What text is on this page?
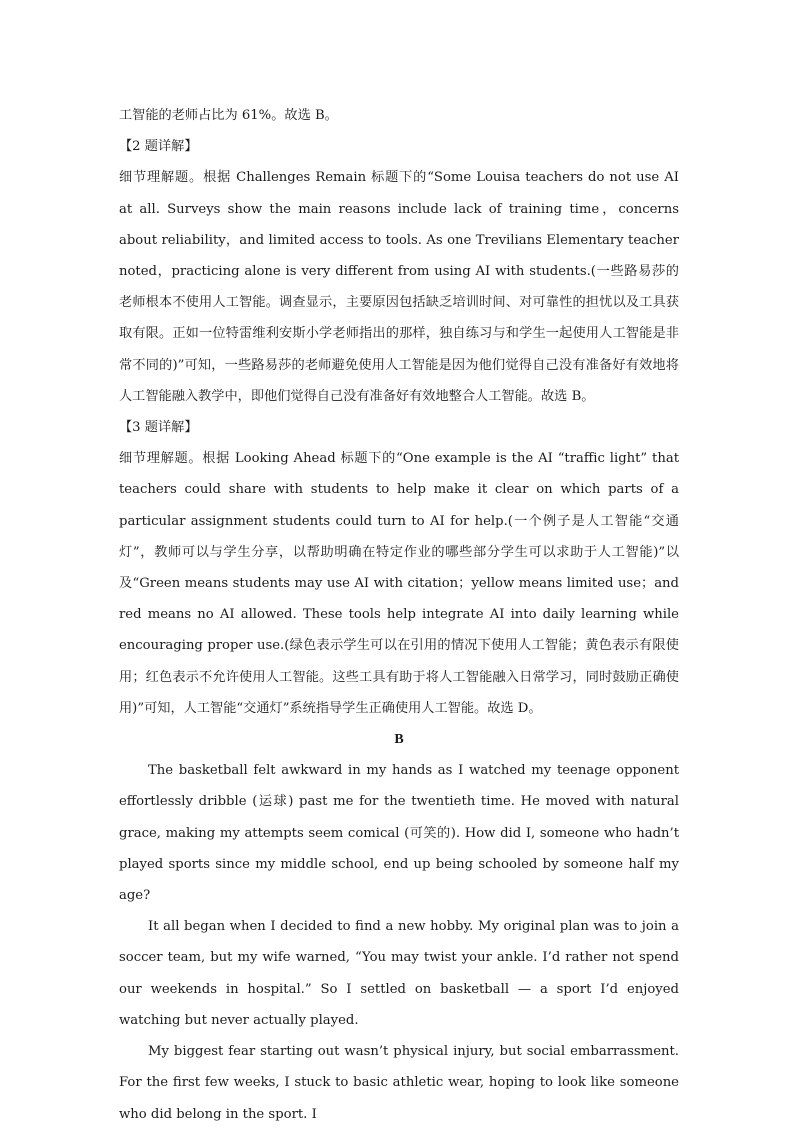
工智能的老师占比为 61%。故选 B。

【2 题详解】

细节理解题。根据 Challenges Remain 标题下的“Some Louisa teachers do not use AI at all. Surveys show the main reasons include lack of training time，concerns about reliability，and limited access to tools. As one Trevilians Elementary teacher noted，practicing alone is very different from using AI with students.(一些路易莎的老师根本不使用人工智能。调查显示，主要原因包括缺乏培训时间、对可靠性的担忧以及工具获取有限。正如一位特雷维利安斯小学老师指出的那样，独自练习与和学生一起使用人工智能是非常不同的)”可知，一些路易莎的老师避免使用人工智能是因为他们觉得自己没有准备好有效地将人工智能融入教学中，即他们觉得自己没有准备好有效地整合人工智能。故选 B。

【3 题详解】

细节理解题。根据 Looking Ahead 标题下的“One example is the AI “traffic light” that teachers could share with students to help make it clear on which parts of a particular assignment students could turn to AI for help.(一个例子是人工智能“交通灯”，教师可以与学生分享，以帮助明确在特定作业的哪些部分学生可以求助于人工智能)”以及“Green means students may use AI with citation；yellow means limited use；and red means no AI allowed. These tools help integrate AI into daily learning while encouraging proper use.(绿色表示学生可以在引用的情况下使用人工智能；黄色表示有限使用；红色表示不允许使用人工智能。这些工具有助于将人工智能融入日常学习，同时鼓励正确使用)”可知，人工智能“交通灯”系统指导学生正确使用人工智能。故选 D。

B

The basketball felt awkward in my hands as I watched my teenage opponent effortlessly dribble (运球) past me for the twentieth time. He moved with natural grace, making my attempts seem comical (可笑的). How did I, someone who hadn’t played sports since my middle school, end up being schooled by someone half my age?

It all began when I decided to find a new hobby. My original plan was to join a soccer team, but my wife warned, “You may twist your ankle. I’d rather not spend our weekends in hospital.” So I settled on basketball — a sport I’d enjoyed watching but never actually played.

My biggest fear starting out wasn’t physical injury, but social embarrassment. For the first few weeks, I stuck to basic athletic wear, hoping to look like someone who did belong in the sport. I
